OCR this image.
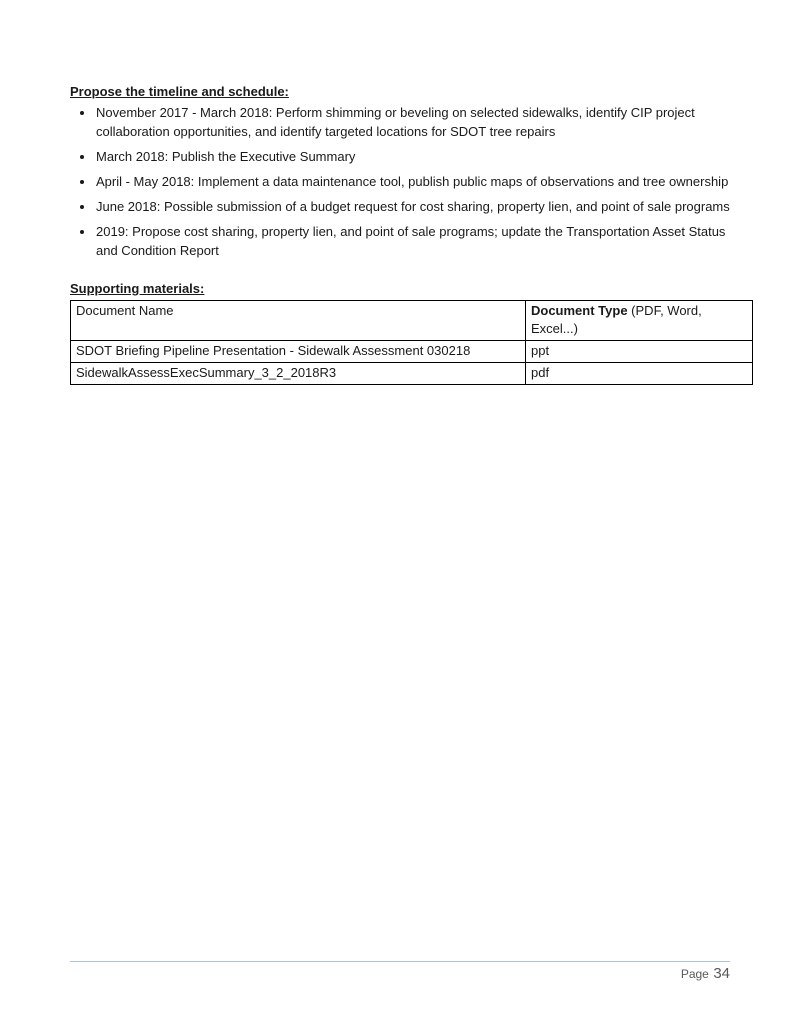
Propose the timeline and schedule:
• November 2017 - March 2018: Perform shimming or beveling on selected sidewalks, identify CIP project collaboration opportunities, and identify targeted locations for SDOT tree repairs
• March 2018: Publish the Executive Summary
• April - May 2018: Implement a data maintenance tool, publish public maps of observations and tree ownership
• June 2018: Possible submission of a budget request for cost sharing, property lien, and point of sale programs
• 2019: Propose cost sharing, property lien, and point of sale programs; update the Transportation Asset Status and Condition Report
Supporting materials:
Document Name	Document Type (PDF, Word, Excel...)
SDOT Briefing Pipeline Presentation - Sidewalk Assessment 030218	ppt
SidewalkAssessExecSummary_3_2_2018R3	pdf
Page 34
